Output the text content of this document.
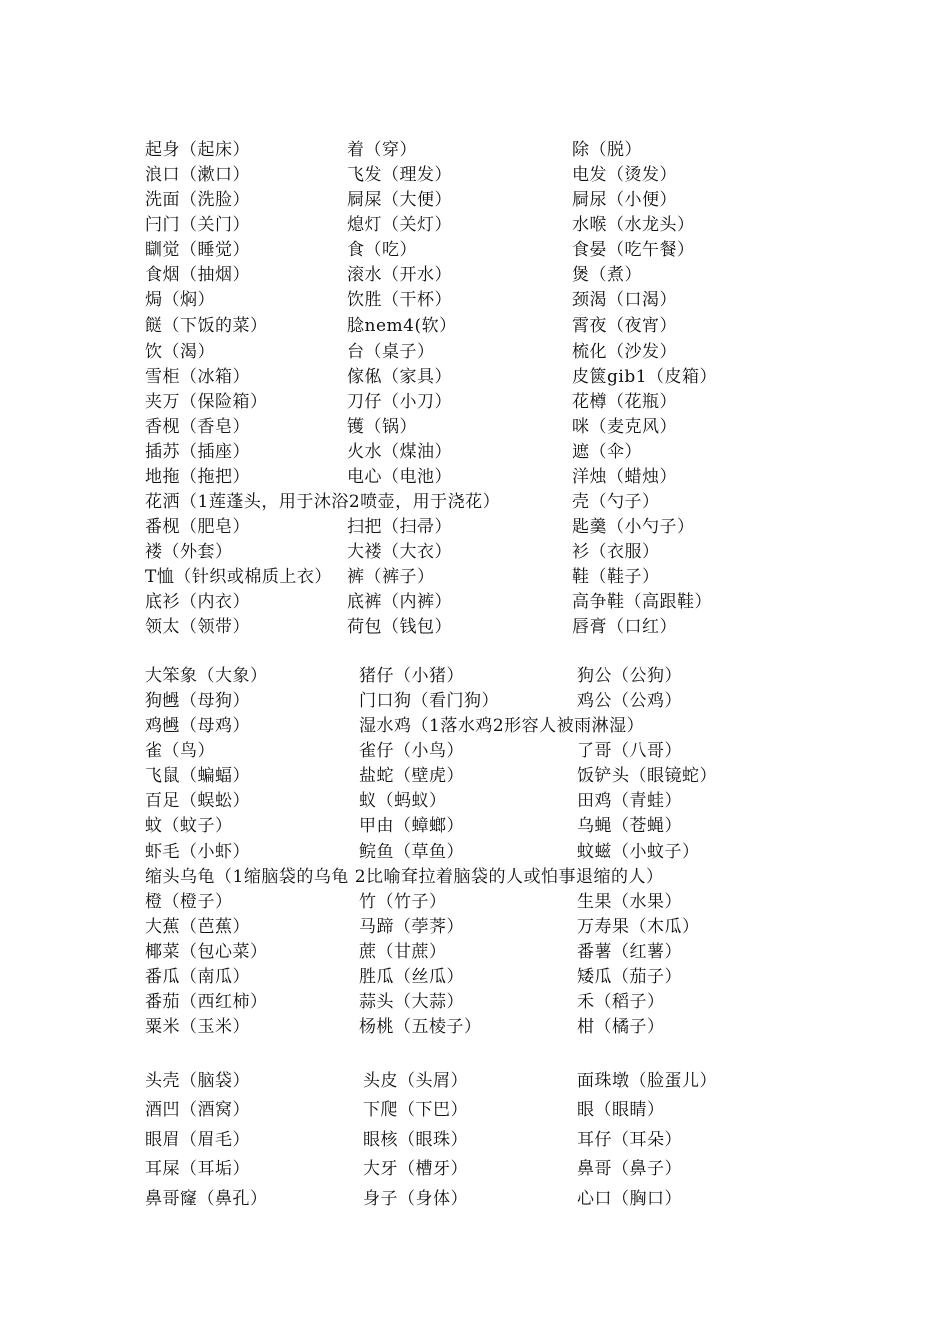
起身（起床）	着（穿）	除（脱）
浪口（漱口）	飞发（理发）	电发（烫发）
洗面（洗脸）	屙屎（大便）	屙尿（小便）
闩门（关门）	熄灯（关灯）	水喉（水龙头）
瞓觉（睡觉）	食（吃）	食晏（吃午餐）
食烟（抽烟）	滚水（开水）	煲（煮）
焗（焖）	饮胜（干杯）	颈渴（口渴）
餸（下饭的菜）	腍nem4(软）	霄夜（夜宵）
饮（渴）	台（桌子）	梳化（沙发）
雪柜（冰箱）	傢俬（家具）	皮篋gib1（皮箱）
夹万（保险箱）	刀仔（小刀）	花樽（花瓶）
香枧（香皂）	镬（锅）	咪（麦克风）
插苏（插座）	火水（煤油）	遮（伞）
地拖（拖把）	电心（电池）	洋烛（蜡烛）
花洒（1莲蓬头，用于沐浴2喷壶，用于浇花）	壳（勺子）
番枧（肥皂）	扫把（扫帚）	匙羹（小勺子）
褛（外套）	大褛（大衣）	衫（衣服）
T恤（针织或棉质上衣） 裤（裤子）	鞋（鞋子）
底衫（内衣）	底裤（内裤）	高争鞋（高跟鞋）
领太（领带）	荷包（钱包）	唇膏（口红）
大笨象（大象）	猪仔（小猪）	狗公（公狗）
狗乸（母狗）	门口狗（看门狗）	鸡公（公鸡）
鸡乸（母鸡）	湿水鸡（1落水鸡2形容人被雨淋湿）
雀（鸟）	雀仔（小鸟）	了哥（八哥）
飞鼠（蝙蝠）	盐蛇（壁虎）	饭铲头（眼镜蛇）
百足（蜈蚣）	蚁（蚂蚁）	田鸡（青蛙）
蚊（蚊子）	甲由（蟑螂）	乌蝇（苍蝇）
虾毛（小虾）	鲩鱼（草鱼）	蚊螆（小蚊子）
缩头乌龟（1缩脑袋的乌龟 2比喻耷拉着脑袋的人或怕事退缩的人）
橙（橙子）	竹（竹子）	生果（水果）
大蕉（芭蕉）	马蹄（荸荠）	万寿果（木瓜）
椰菜（包心菜）	蔗（甘蔗）	番薯（红薯）
番瓜（南瓜）	胜瓜（丝瓜）	矮瓜（茄子）
番茄（西红柿）	蒜头（大蒜）	禾（稻子）
粟米（玉米）	杨桃（五棱子）	柑（橘子）
头壳（脑袋）	头皮（头屑）	面珠墩（脸蛋儿）
酒凹（酒窝）	下爬（下巴）	眼（眼睛）
眼眉（眉毛）	眼核（眼珠）	耳仔（耳朵）
耳屎（耳垢）	大牙（槽牙）	鼻哥（鼻子）
鼻哥窿（鼻孔）	身子（身体）	心口（胸口）
